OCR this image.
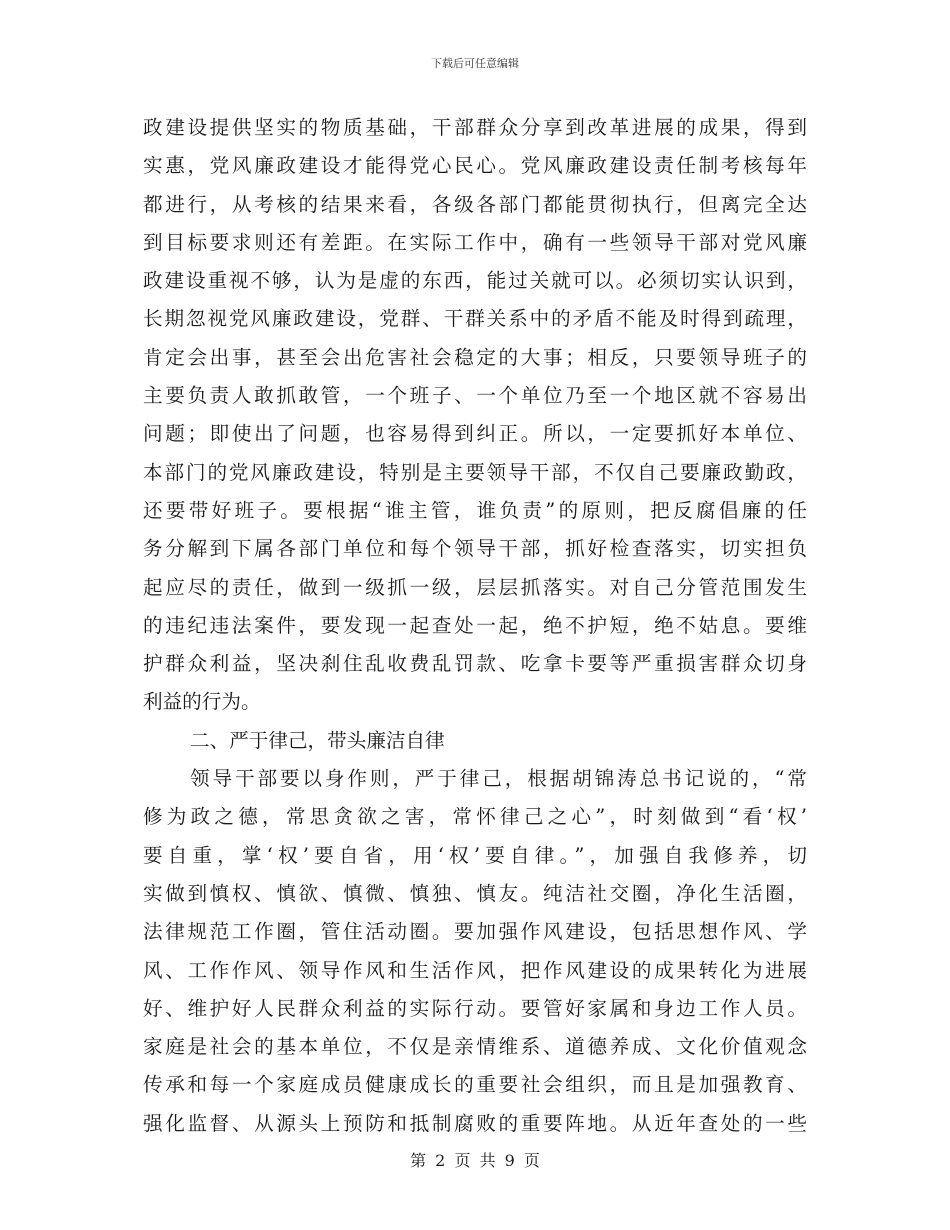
下载后可任意编辑
政建设提供坚实的物质基础，干部群众分享到改革进展的成果，得到
实惠，党风廉政建设才能得党心民心。党风廉政建设责任制考核每年
都进行，从考核的结果来看，各级各部门都能贯彻执行，但离完全达
到目标要求则还有差距。在实际工作中，确有一些领导干部对党风廉
政建设重视不够，认为是虚的东西，能过关就可以。必须切实认识到，
长期忽视党风廉政建设，党群、干群关系中的矛盾不能及时得到疏理，
肯定会出事，甚至会出危害社会稳定的大事；相反，只要领导班子的
主要负责人敢抓敢管，一个班子、一个单位乃至一个地区就不容易出
问题；即使出了问题，也容易得到纠正。所以，一定要抓好本单位、
本部门的党风廉政建设，特别是主要领导干部，不仅自己要廉政勤政，
还要带好班子。要根据“谁主管，谁负责”的原则，把反腐倡廉的任
务分解到下属各部门单位和每个领导干部，抓好检查落实，切实担负
起应尽的责任，做到一级抓一级，层层抓落实。对自己分管范围发生
的违纪违法案件，要发现一起查处一起，绝不护短，绝不姑息。要维
护群众利益，坚决刹住乱收费乱罚款、吃拿卡要等严重损害群众切身
利益的行为。
二、严于律己，带头廉洁自律
领导干部要以身作则，严于律己，根据胡锦涛总书记说的，“常
修为政之德，常思贪欲之害，常怀律己之心”，时刻做到“看‘权’
要自重，掌‘权’要自省，用‘权’要自律。”，加强自我修养，切
实做到慎权、慎欲、慎微、慎独、慎友。纯洁社交圈，净化生活圈，
法律规范工作圈，管住活动圈。要加强作风建设，包括思想作风、学
风、工作作风、领导作风和生活作风，把作风建设的成果转化为进展
好、维护好人民群众利益的实际行动。要管好家属和身边工作人员。
家庭是社会的基本单位，不仅是亲情维系、道德养成、文化价值观念
传承和每一个家庭成员健康成长的重要社会组织，而且是加强教育、
强化监督、从源头上预防和抵制腐败的重要阵地。从近年查处的一些
第 2 页 共 9 页
